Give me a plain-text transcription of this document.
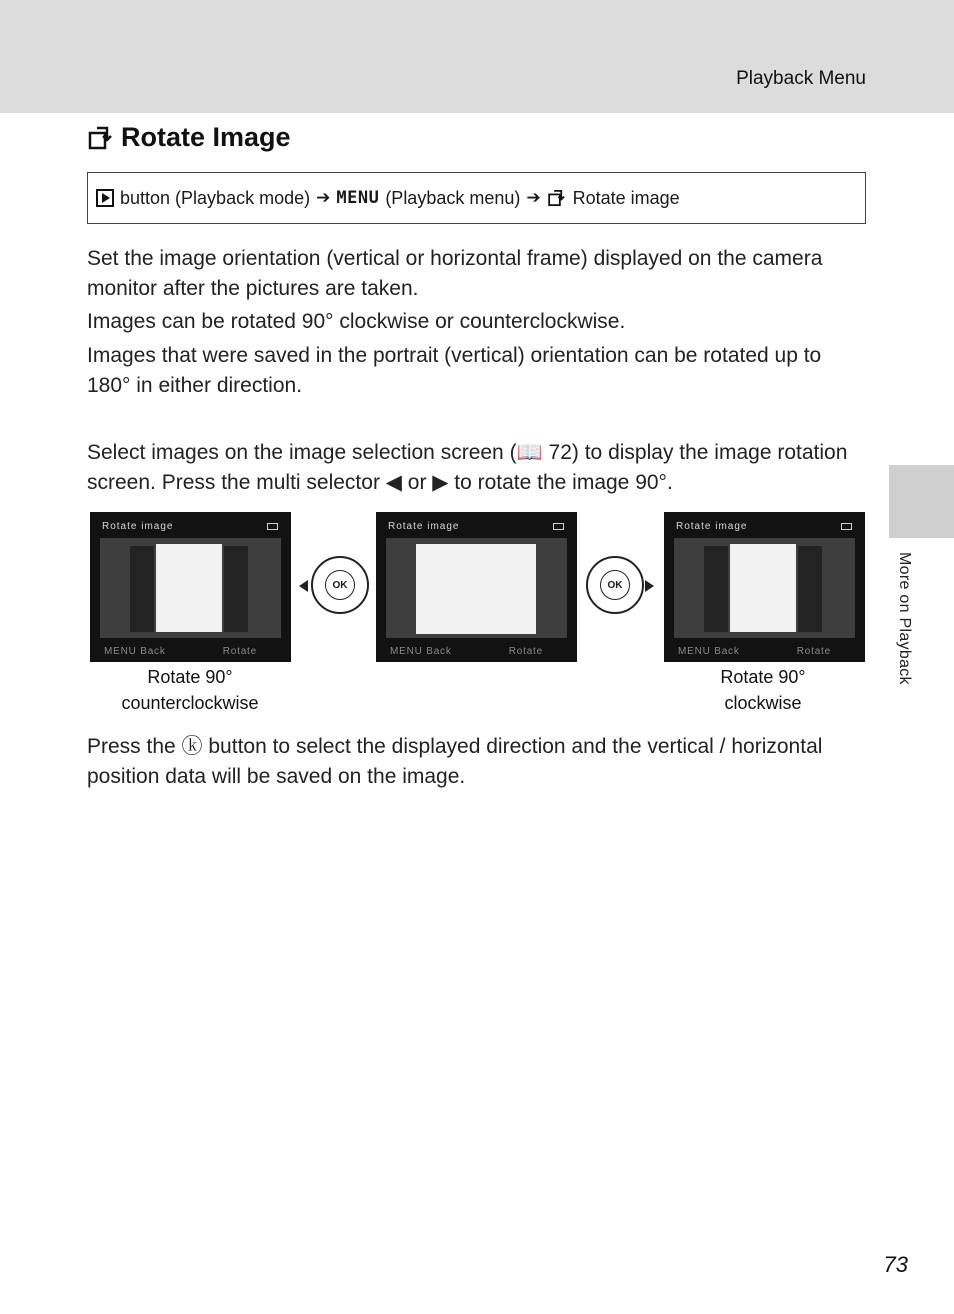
Playback Menu
More on Playback
Rotate Image
button (Playback mode) ➔ MENU (Playback menu) ➔ Rotate image

Set the image orientation (vertical or horizontal frame) displayed on the camera monitor after the pictures are taken.

Images can be rotated 90° clockwise or counterclockwise.

Images that were saved in the portrait (vertical) orientation can be rotated up to 180° in either direction.

Select images on the image selection screen (📖 72) to display the image rotation screen. Press the multi selector ◀ or ▶ to rotate the image 90°.

Press the ⓚ button to select the displayed direction and the vertical / horizontal position data will be saved on the image.

Rotate image
MENU Back	Rotate
OK
Rotate image
MENU Back	Rotate
OK
Rotate image
MENU Back	Rotate
Rotate 90° counterclockwise
Rotate 90° clockwise
73
